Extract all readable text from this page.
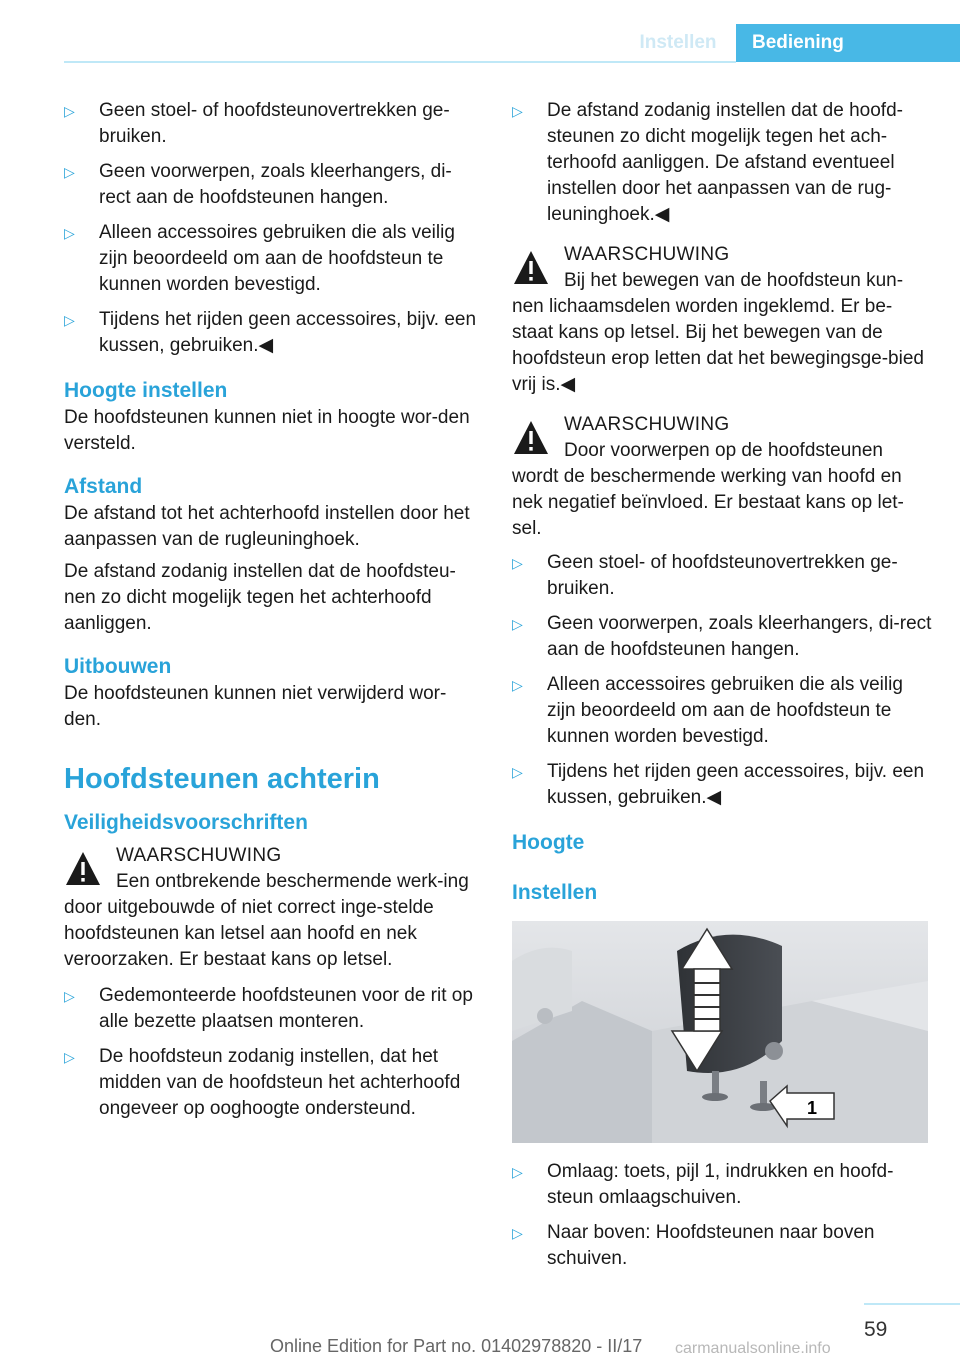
Instellen	Bediening
▷ Geen stoel- of hoofdsteunovertrekken ge-bruiken.
▷ Geen voorwerpen, zoals kleerhangers, di-rect aan de hoofdsteunen hangen.
▷ Alleen accessoires gebruiken die als veilig zijn beoordeeld om aan de hoofdsteun te kunnen worden bevestigd.
▷ Tijdens het rijden geen accessoires, bijv. een kussen, gebruiken.◀
Hoogte instellen

De hoofdsteunen kunnen niet in hoogte wor-den versteld.

Afstand

De afstand tot het achterhoofd instellen door het aanpassen van de rugleuninghoek.

De afstand zodanig instellen dat de hoofdsteu-nen zo dicht mogelijk tegen het achterhoofd aanliggen.

Uitbouwen

De hoofdsteunen kunnen niet verwijderd wor-den.

Hoofdsteunen achterin
Veiligheidsvoorschriften
WAARSCHUWING
Een ontbrekende beschermende werk-ing door uitgebouwde of niet correct inge-stelde hoofdsteunen kan letsel aan hoofd en nek veroorzaken. Er bestaat kans op letsel.
▷ Gedemonteerde hoofdsteunen voor de rit op alle bezette plaatsen monteren.
▷ De hoofdsteun zodanig instellen, dat het midden van de hoofdsteun het achterhoofd ongeveer op ooghoogte ondersteund.
▷ De afstand zodanig instellen dat de hoofd-steunen zo dicht mogelijk tegen het ach-terhoofd aanliggen. De afstand eventueel instellen door het aanpassen van de rug-leuninghoek.◀
WAARSCHUWING
Bij het bewegen van de hoofdsteun kun-nen lichaamsdelen worden ingeklemd. Er be-staat kans op letsel. Bij het bewegen van de hoofdsteun erop letten dat het bewegingsge-bied vrij is.◀
WAARSCHUWING
Door voorwerpen op de hoofdsteunen wordt de beschermende werking van hoofd en nek negatief beïnvloed. Er bestaat kans op let-sel.
▷ Geen stoel- of hoofdsteunovertrekken ge-bruiken.
▷ Geen voorwerpen, zoals kleerhangers, di-rect aan de hoofdsteunen hangen.
▷ Alleen accessoires gebruiken die als veilig zijn beoordeeld om aan de hoofdsteun te kunnen worden bevestigd.
▷ Tijdens het rijden geen accessoires, bijv. een kussen, gebruiken.◀
Hoogte
Instellen
1
▷ Omlaag: toets, pijl 1, indrukken en hoofd-steun omlaagschuiven.
▷ Naar boven: Hoofdsteunen naar boven schuiven.
59
Online Edition for Part no. 01402978820 - II/17 carmanualsonline.info
